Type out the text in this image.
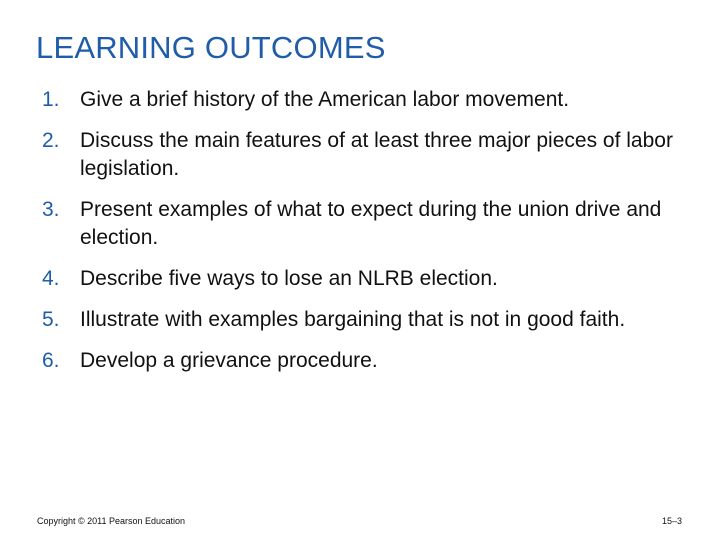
LEARNING OUTCOMES
1. Give a brief history of the American labor movement.
2. Discuss the main features of at least three major pieces of labor legislation.
3. Present examples of what to expect during the union drive and election.
4. Describe five ways to lose an NLRB election.
5. Illustrate with examples bargaining that is not in good faith.
6. Develop a grievance procedure.
Copyright © 2011 Pearson Education	15–3
